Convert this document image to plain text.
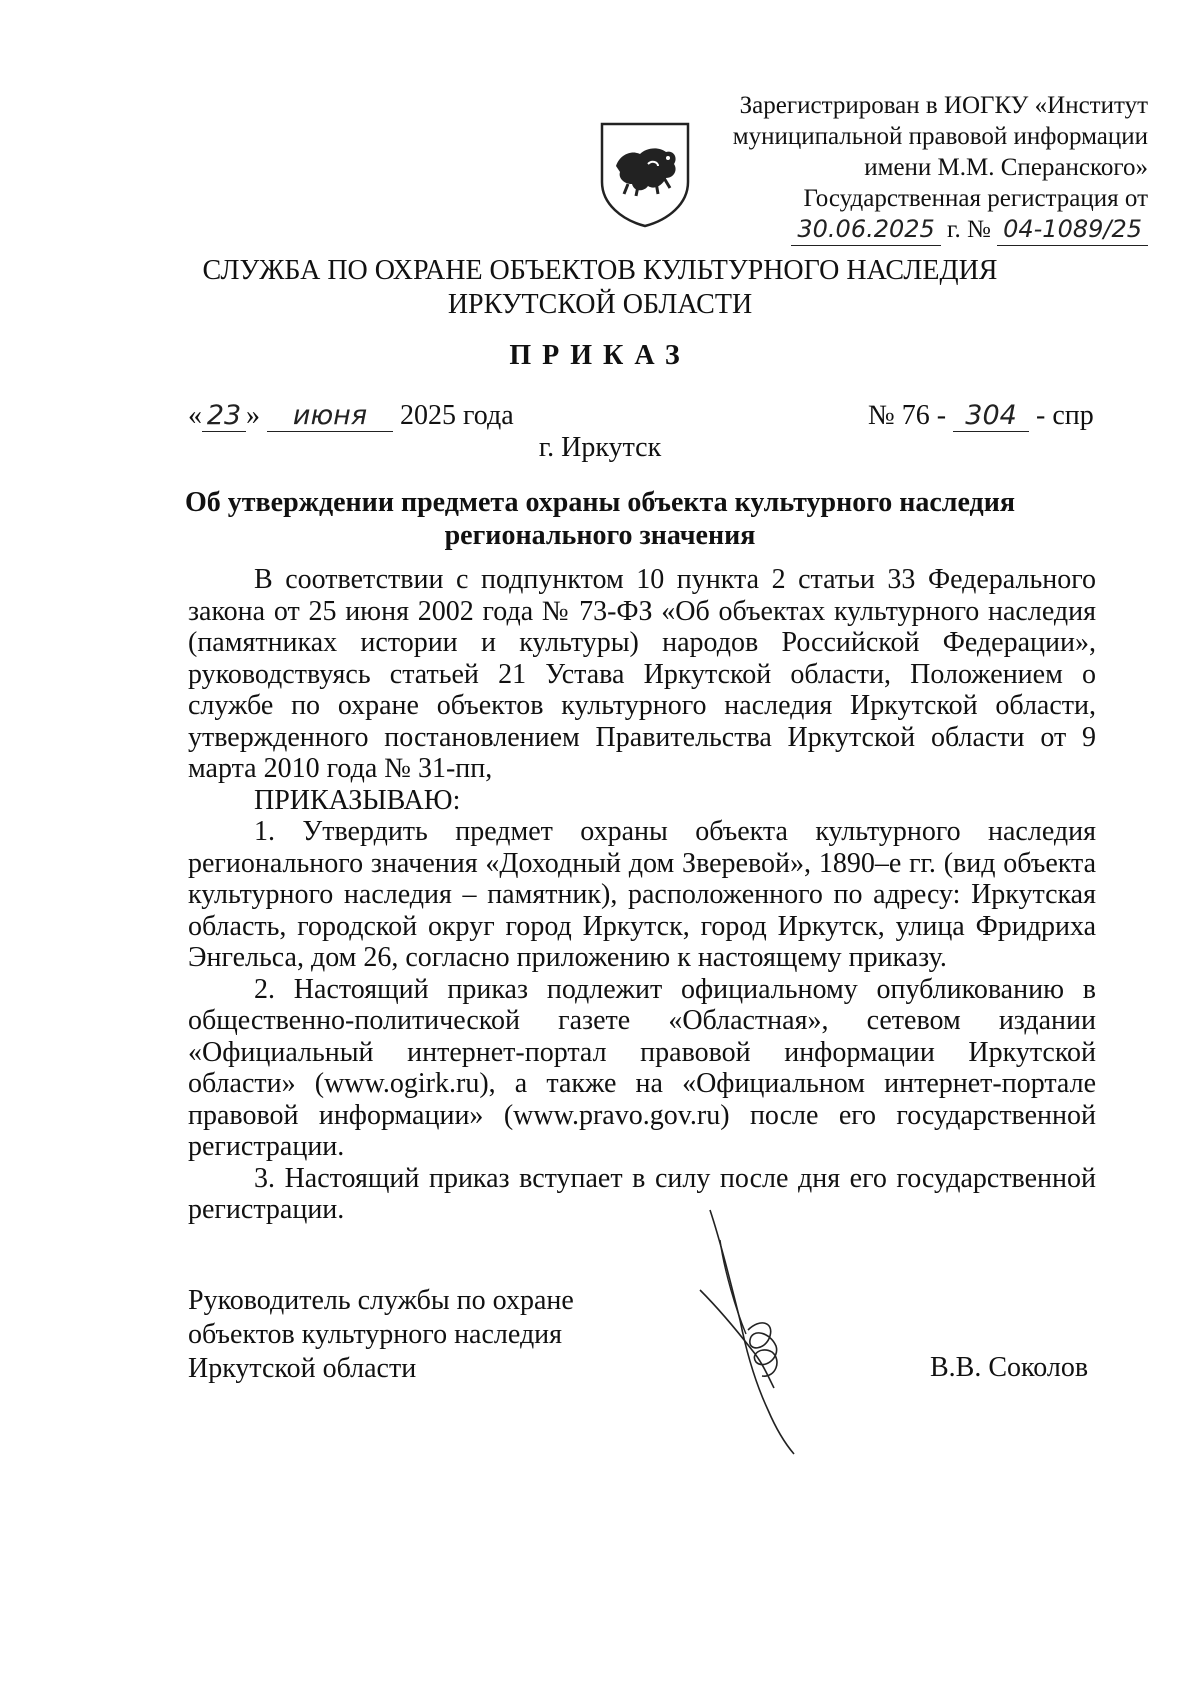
Зарегистрирован в ИОГКУ «Институт
муниципальной правовой информации
имени М.М. Сперанского»
Государственная регистрация от
30.06.2025 г. № 04-1089/25
СЛУЖБА ПО ОХРАНЕ ОБЪЕКТОВ КУЛЬТУРНОГО НАСЛЕДИЯ
ИРКУТСКОЙ ОБЛАСТИ
ПРИКАЗ
« 23 » июня 2025 года	№ 76 - 304 - спр
г. Иркутск
Об утверждении предмета охраны объекта культурного наследия
регионального значения

В соответствии с подпунктом 10 пункта 2 статьи 33 Федерального закона от 25 июня 2002 года № 73-ФЗ «Об объектах культурного наследия (памятниках истории и культуры) народов Российской Федерации», руководствуясь статьей 21 Устава Иркутской области, Положением о службе по охране объектов культурного наследия Иркутской области, утвержденного постановлением Правительства Иркутской области от 9 марта 2010 года № 31-пп,

ПРИКАЗЫВАЮ:

1. Утвердить предмет охраны объекта культурного наследия регионального значения «Доходный дом Зверевой», 1890–е гг. (вид объекта культурного наследия – памятник), расположенного по адресу: Иркутская область, городской округ город Иркутск, город Иркутск, улица Фридриха Энгельса, дом 26, согласно приложению к настоящему приказу.

2. Настоящий приказ подлежит официальному опубликованию в общественно-политической газете «Областная», сетевом издании «Официальный интернет-портал правовой информации Иркутской области» (www.ogirk.ru), а также на «Официальном интернет-портале правовой информации» (www.pravo.gov.ru) после его государственной регистрации.

3. Настоящий приказ вступает в силу после дня его государственной регистрации.

Руководитель службы по охране
объектов культурного наследия
Иркутской области	В.В. Соколов
